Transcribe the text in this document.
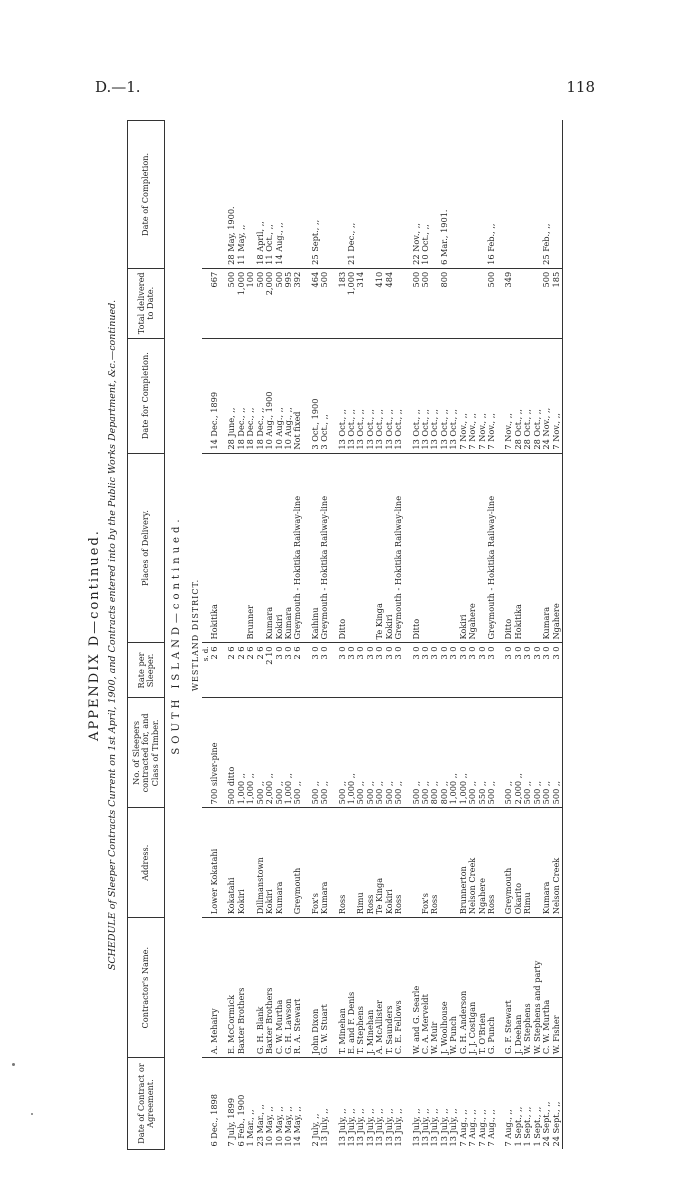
D.—1.	118
APPENDIX D—continued. SCHEDULE of Sleeper Contracts Current on 1st April, 1900, and Contracts entered into by the Public Works Department, &c.—continued.
Date of Contract or Agreement.	Contractor's Name.	Address.	No. of Sleepers contracted for, and Class of Timber.	Rate per Sleeper.	Places of Delivery.	Date for Completion.	Total delivered to Date.	Date of Completion.
SOUTH ISLAND—continued.								
WESTLAND DISTRICT.								
				s. d.				
6 Dec., 1898	A. Mehairy	Lower Kokatahi	700 silver-pine	2 6	Hokitika	14 Dec., 1899	667	

7 July, 1899	E. McCormick	Kokatahi	500 ditto	2 6		28 June, ,,	500	28 May, 1900.
6 Feb., 1900	Baxter Brothers	Kokiri	1,000 ,,	2 6		18 Dec., ,,	1,000	11 May, ,,
1 Mar., ,,			1,000 ,,	2 6	Brunner	18 Dec., ,,	100	
23 Mar., ,,	G. H. Blank	Dillmanstown	500 ,,	2 6		18 Dec., ,,	500	18 April, ,,
10 May, ,,	Baxter Brothers	Kokiri	2,000 ,,	2 10	Kumara	10 Aug., 1900	2,000	11 Oct., ,,
10 May, ,,	C. W. Murtha	Kumara	500 ,,	3 0	Kokiri	10 Aug., ,,	500	14 Aug., ,,
10 May, ,,	G. H. Lawson		1,000 ,,	3 0	Kumara	10 Aug., ,,	995	
14 May, ,,	R. A. Stewart	Greymouth	500 ,,	2 6	Greymouth - Hokitika Railway-line	Not fixed	392	

2 July, ,,	John Dixon	Fox's	500 ,,	3 0	Kaihinu	3 Oct., 1900	464	25 Sept., ,,
13 July, ,,	G. W. Stuart	Kumara	500 ,,	3 0	Greymouth - Hokitika Railway-line	3 Oct., ,,	500	

13 July, ,,	T. Minehan	Ross	500 ,,	3 0	Ditto	13 Oct., ,,	183	
13 July, ,,	E. and F. Denis		1,000 ,,	3 0		13 Oct., ,,	1,000	21 Dec., ,,
13 July, ,,	T. Stephens	Rimu	500 ,,	3 0		13 Oct., ,,	314	
13 July, ,,	J. Minehan	Ross	500 ,,	3 0		13 Oct., ,,		
13 July, ,,	A. McAllister	Te Kinga	500 ,,	3 0	Te Kinga	13 Oct., ,,	410	
13 July, ,,	T. Saunders	Kokiri	500 ,,	3 0	Kokiri	13 Oct., ,,	484	
13 July, ,,	C. E. Fellows	Ross	500 ,,	3 0	Greymouth - Hokitika Railway-line	13 Oct., ,,		

13 July, ,,	W. and G. Searle		500 ,,	3 0	Ditto	13 Oct., ,,	500	22 Nov., ,,
13 July, ,,	C. A. Merveldt	Fox's	500 ,,	3 0		13 Oct., ,,	500	10 Oct., ,,
13 July, ,,	W. Muir	Ross	800 ,,	3 0		13 Oct., ,,		
13 July, ,,	J. Woolhouse		800 ,,	3 0		13 Oct., ,,	800	6 Mar., 1901.
13 July, ,,	W. Punch		1,000 ,,	3 0		13 Oct., ,,		
7 Aug., ,,	G. H. Anderson	Brunnerton	1,000 ,,	3 0	Kokiri	7 Nov., ,,		
7 Aug., ,,	J. J. Costigan	Nelson Creek	500 ,,	3 0	Ngahere	7 Nov., ,,		
7 Aug., ,,	T. O'Brien	Ngahere	550 ,,	3 0		7 Nov., ,,		
7 Aug., ,,	G. Punch	Ross	500 ,,	3 0	Greymouth - Hokitika Railway-line	7 Nov., ,,	500	16 Feb., ,,

7 Aug., ,,	G. F. Stewart	Greymouth	500 ,,	3 0	Ditto	7 Nov., ,,	349	
1 Sept., ,,	J. Deehan	Okarito	2,000 ,,	3 0	Hokitika	28 Oct., ,,		
1 Sept., ,,	W. Stephens	Rimu	500 ,,	3 0		28 Oct., ,,		
1 Sept., ,,	W. Stephens and party		500 ,,	3 0		28 Oct., ,,		
24 Sept., ,,	C. W. Murtha	Kumara	500 ,,	3 0	Kumara	24 Nov., ,,	500	25 Feb., ,,
24 Sept., ,,	W. Fisher	Nelson Creek	500 ,,	3 0	Ngahere	7 Nov., ,,	185	
